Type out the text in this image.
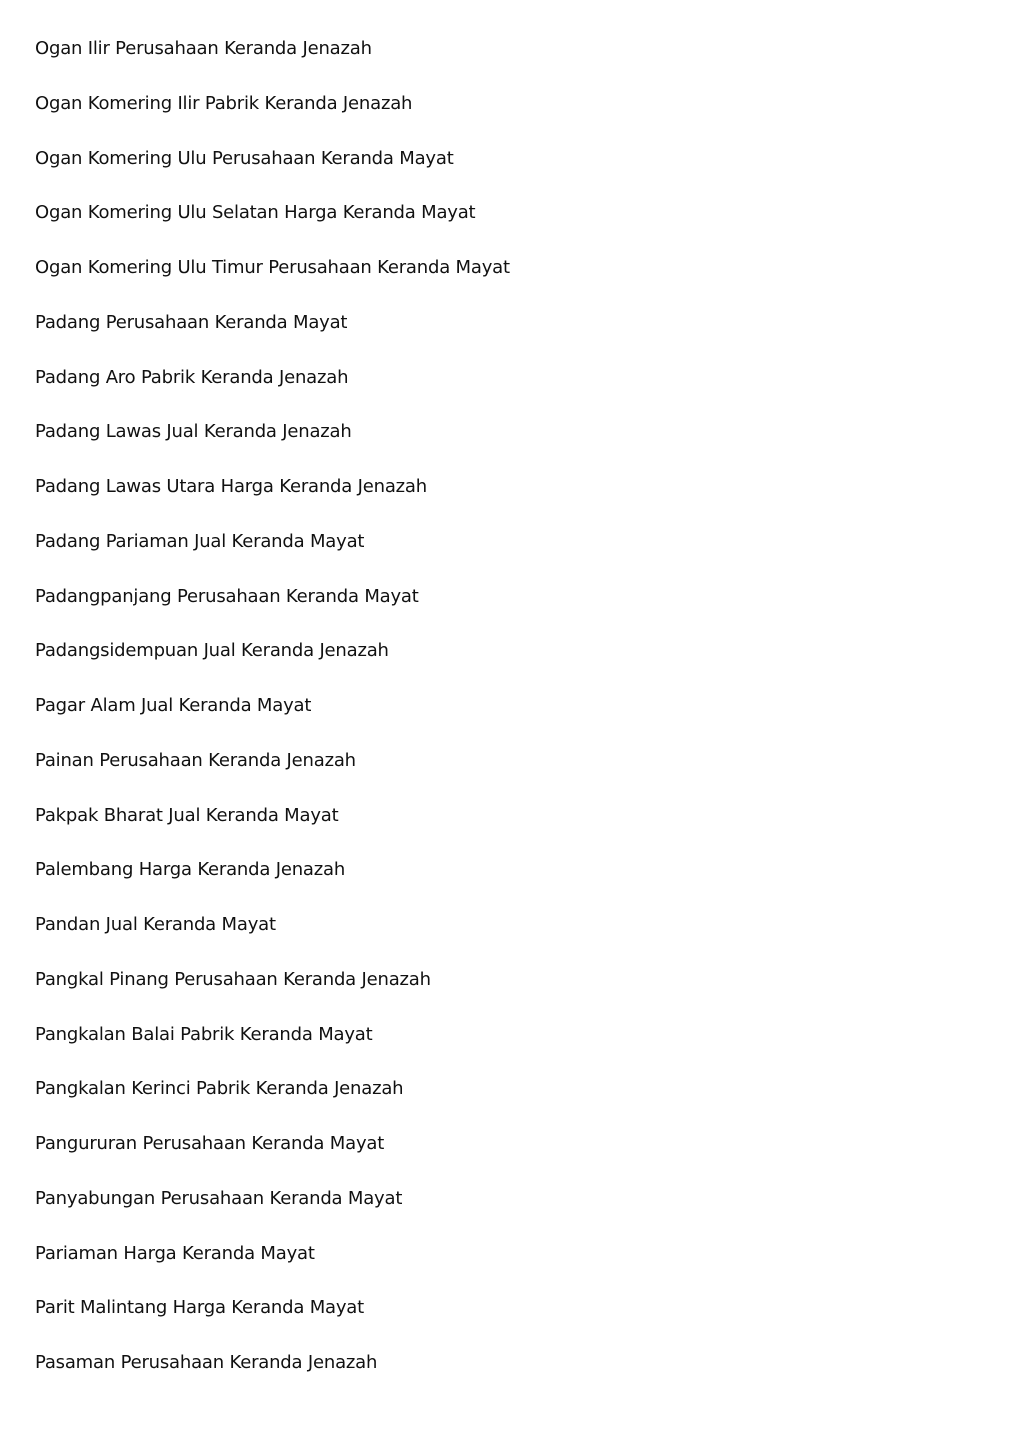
Ogan Ilir Perusahaan Keranda Jenazah
Ogan Komering Ilir Pabrik Keranda Jenazah
Ogan Komering Ulu Perusahaan Keranda Mayat
Ogan Komering Ulu Selatan Harga Keranda Mayat
Ogan Komering Ulu Timur Perusahaan Keranda Mayat
Padang Perusahaan Keranda Mayat
Padang Aro Pabrik Keranda Jenazah
Padang Lawas Jual Keranda Jenazah
Padang Lawas Utara Harga Keranda Jenazah
Padang Pariaman Jual Keranda Mayat
Padangpanjang Perusahaan Keranda Mayat
Padangsidempuan Jual Keranda Jenazah
Pagar Alam Jual Keranda Mayat
Painan Perusahaan Keranda Jenazah
Pakpak Bharat Jual Keranda Mayat
Palembang Harga Keranda Jenazah
Pandan Jual Keranda Mayat
Pangkal Pinang Perusahaan Keranda Jenazah
Pangkalan Balai Pabrik Keranda Mayat
Pangkalan Kerinci Pabrik Keranda Jenazah
Pangururan Perusahaan Keranda Mayat
Panyabungan Perusahaan Keranda Mayat
Pariaman Harga Keranda Mayat
Parit Malintang Harga Keranda Mayat
Pasaman Perusahaan Keranda Jenazah
